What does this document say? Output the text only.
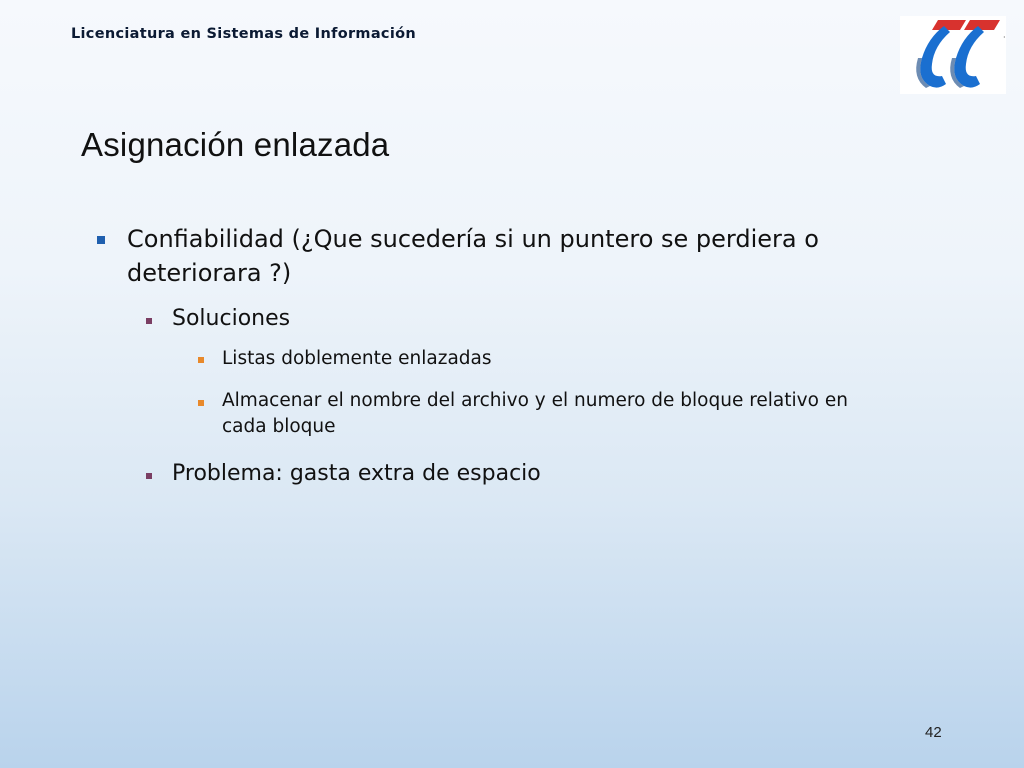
Licenciatura en Sistemas de Información	·
Asignación enlazada
Confiabilidad (¿Que sucedería si un puntero se perdiera o
deteriorara ?)
Soluciones
Listas doblemente enlazadas
Almacenar el nombre del archivo y el numero de bloque relativo en
cada bloque
Problema: gasta extra de espacio
42
